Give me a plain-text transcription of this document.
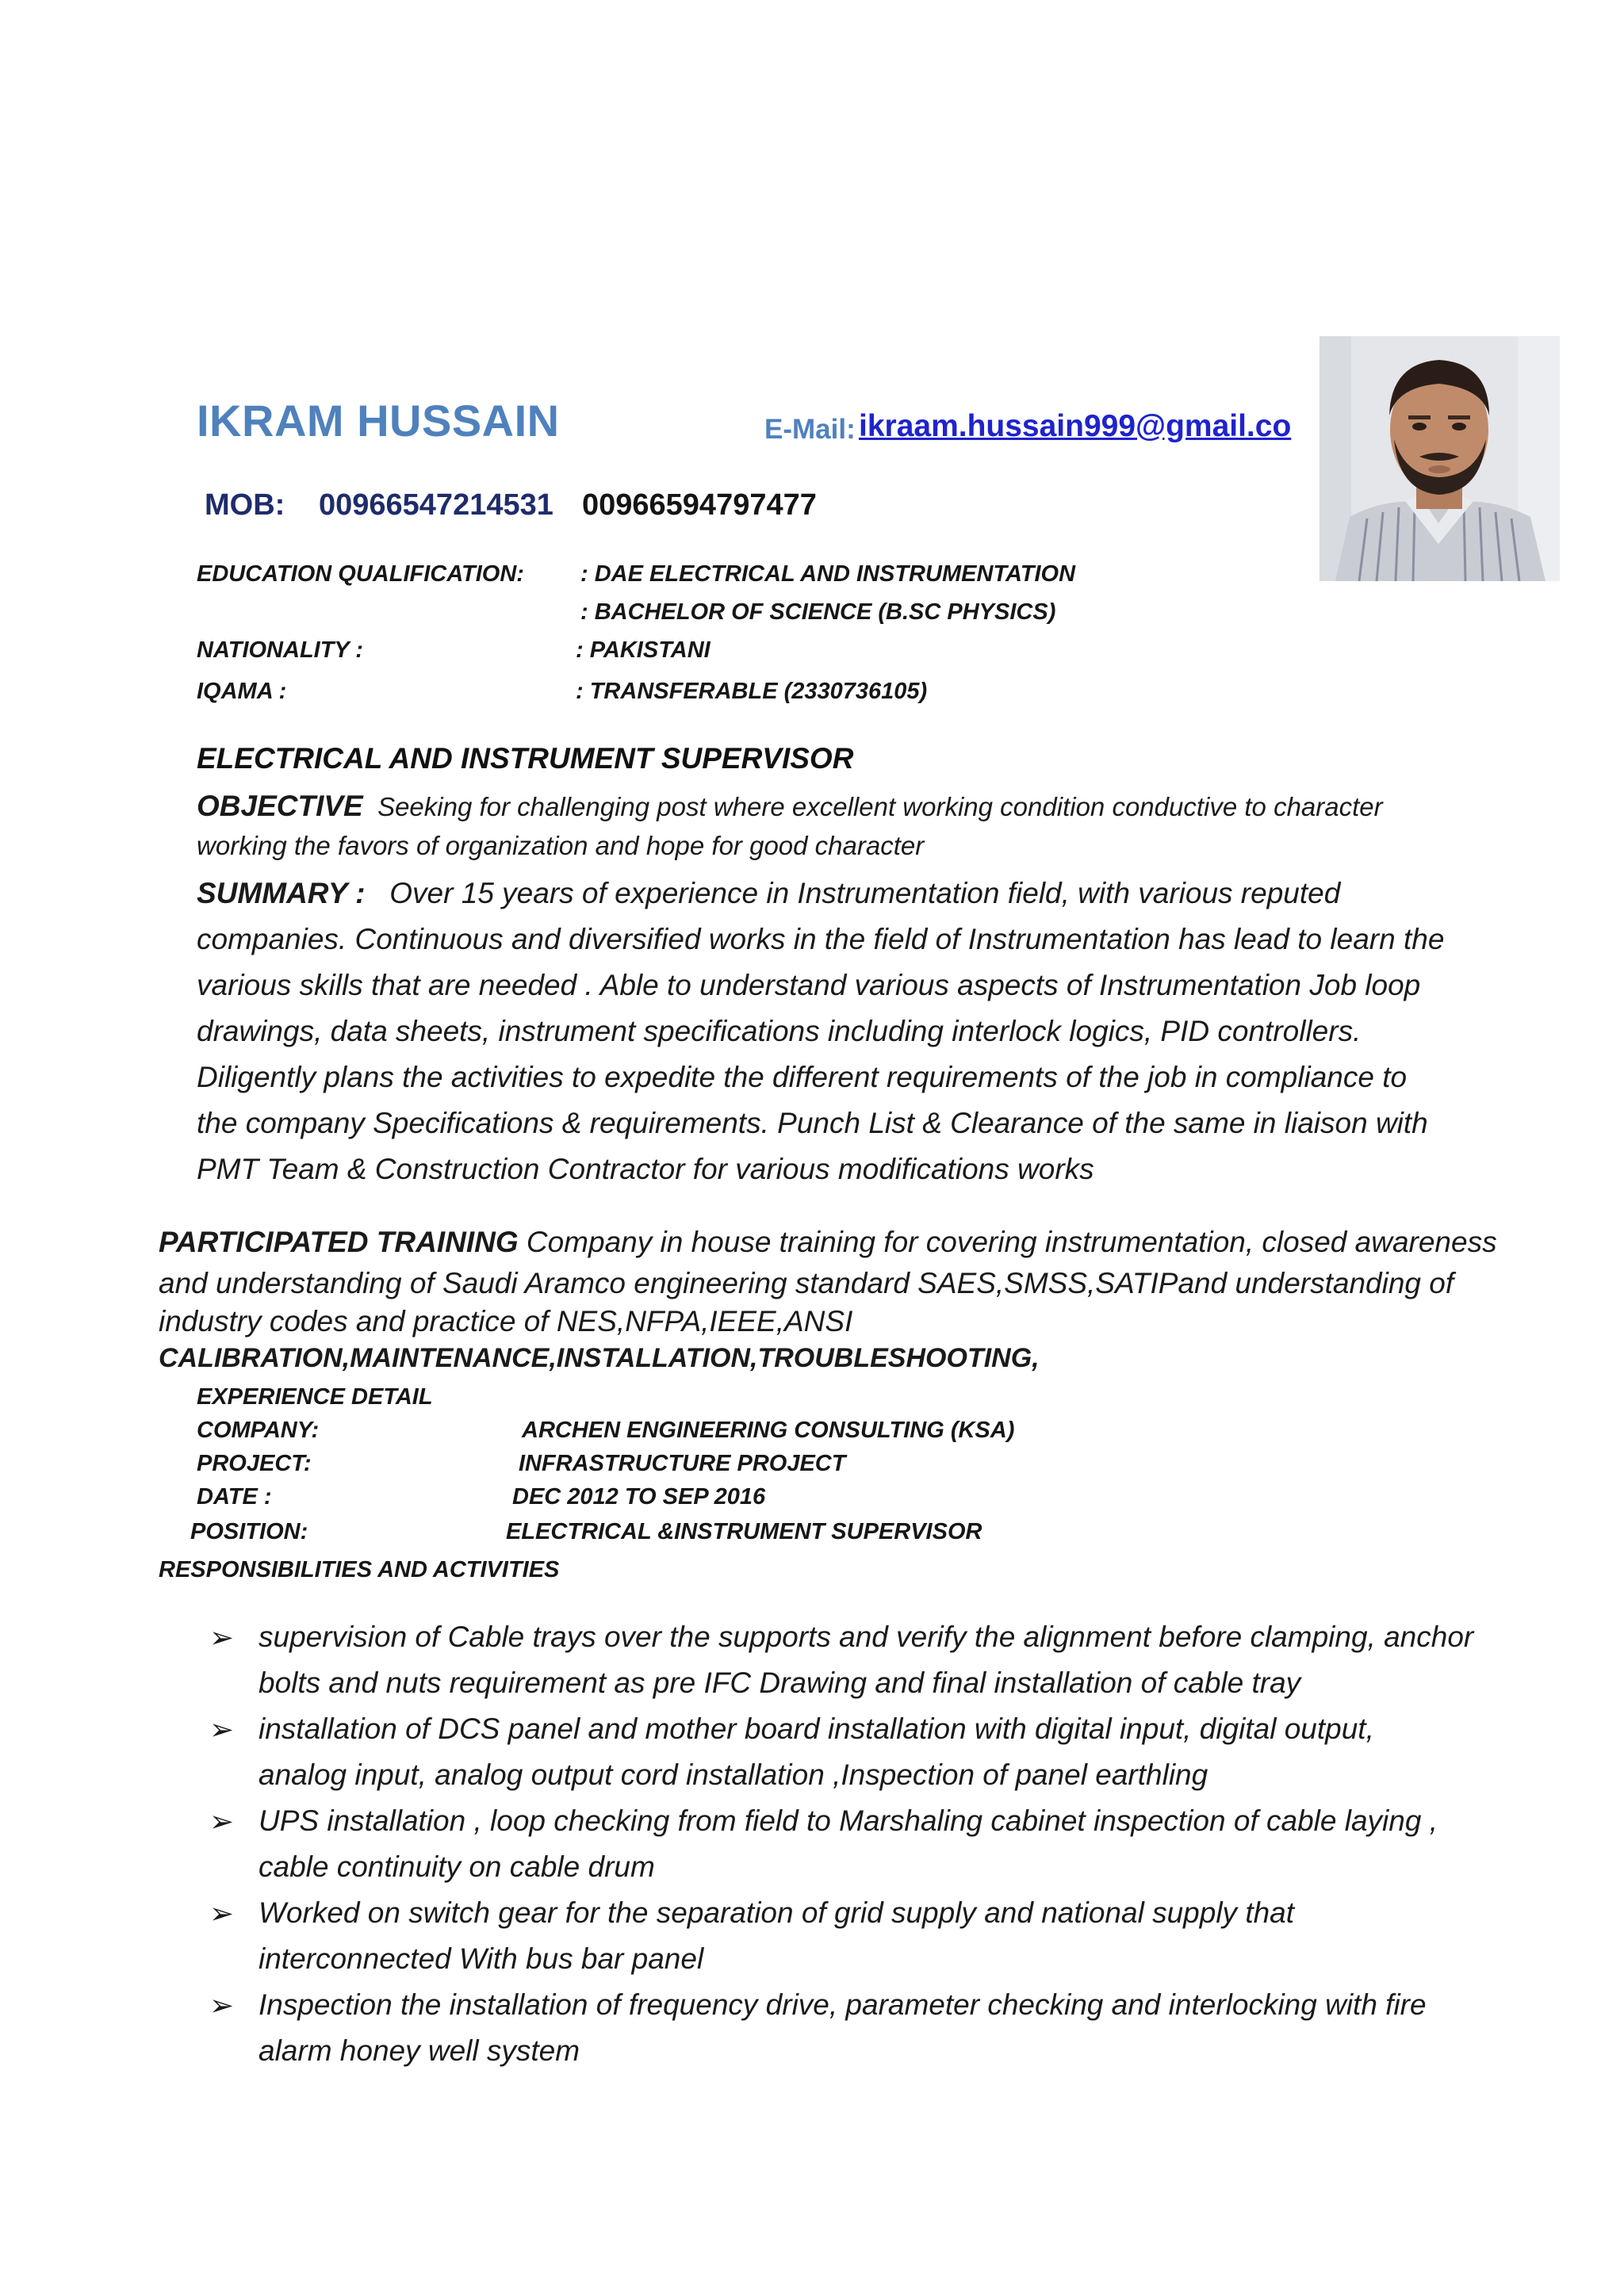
IKRAM HUSSAIN	E-Mail: ikraam.hussain999@gmail.co
MOB: 00966547214531 00966594797477
EDUCATION QUALIFICATION: : DAE ELECTRICAL AND INSTRUMENTATION
: BACHELOR OF SCIENCE (B.SC PHYSICS)
NATIONALITY :	: PAKISTANI
IQAMA :	: TRANSFERABLE (2330736105)
ELECTRICAL AND INSTRUMENT SUPERVISOR
OBJECTIVE Seeking for challenging post where excellent working condition conductive to character
working the favors of organization and hope for good character
SUMMARY : Over 15 years of experience in Instrumentation field, with various reputed
companies. Continuous and diversified works in the field of Instrumentation has lead to learn the
various skills that are needed . Able to understand various aspects of Instrumentation Job loop
drawings, data sheets, instrument specifications including interlock logics, PID controllers.
Diligently plans the activities to expedite the different requirements of the job in compliance to
the company Specifications & requirements. Punch List & Clearance of the same in liaison with
PMT Team & Construction Contractor for various modifications works
PARTICIPATED TRAINING Company in house training for covering instrumentation, closed awareness
and understanding of Saudi Aramco engineering standard SAES,SMSS,SATIPand understanding of
industry codes and practice of NES,NFPA,IEEE,ANSI
CALIBRATION,MAINTENANCE,INSTALLATION,TROUBLESHOOTING,
EXPERIENCE DETAIL
COMPANY:	ARCHEN ENGINEERING CONSULTING (KSA)
PROJECT:	INFRASTRUCTURE PROJECT
DATE :	DEC 2012 TO SEP 2016
POSITION:	ELECTRICAL &INSTRUMENT SUPERVISOR
RESPONSIBILITIES AND ACTIVITIES
➢ supervision of Cable trays over the supports and verify the alignment before clamping, anchor
bolts and nuts requirement as pre IFC Drawing and final installation of cable tray
➢ installation of DCS panel and mother board installation with digital input, digital output,
analog input, analog output cord installation ,Inspection of panel earthling
➢ UPS installation , loop checking from field to Marshaling cabinet inspection of cable laying ,
cable continuity on cable drum
➢ Worked on switch gear for the separation of grid supply and national supply that
interconnected With bus bar panel
➢ Inspection the installation of frequency drive, parameter checking and interlocking with fire
alarm honey well system
